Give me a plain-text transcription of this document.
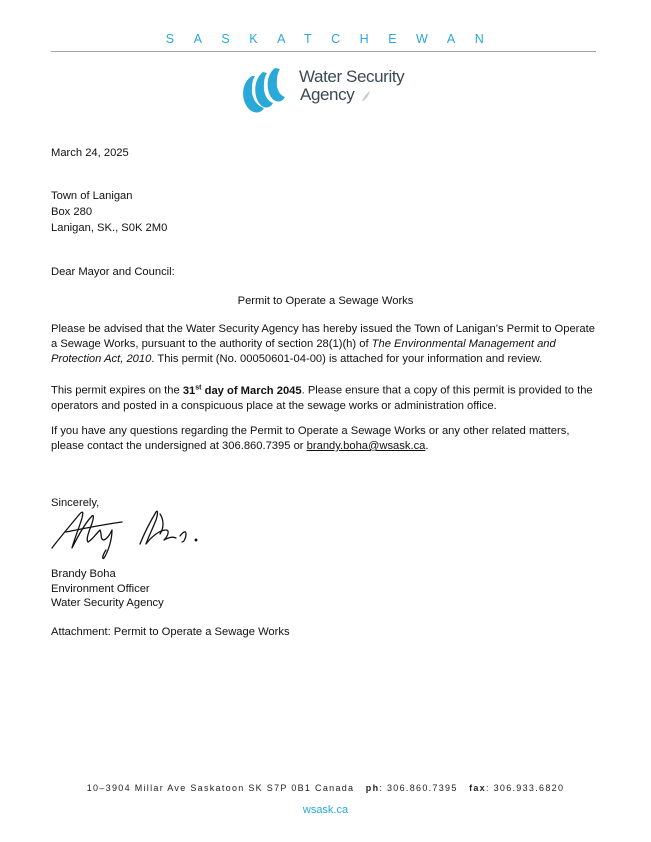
SASKATCHEWAN
Water Security
Agency
March 24, 2025
Town of Lanigan
Box 280
Lanigan, SK., S0K 2M0
Dear Mayor and Council:
Permit to Operate a Sewage Works

Please be advised that the Water Security Agency has hereby issued the Town of Lanigan’s Permit to Operate a Sewage Works, pursuant to the authority of section 28(1)(h) of The Environmental Management and Protection Act, 2010. This permit (No. 00050601-04-00) is attached for your information and review.

This permit expires on the 31st day of March 2045. Please ensure that a copy of this permit is provided to the operators and posted in a conspicuous place at the sewage works or administration office.

If you have any questions regarding the Permit to Operate a Sewage Works or any other related matters, please contact the undersigned at 306.860.7395 or brandy.boha@wsask.ca.

Sincerely,
Brandy Boha
Environment Officer
Water Security Agency
Attachment: Permit to Operate a Sewage Works
10–3904 Millar Ave Saskatoon SK S7P 0B1 Canada ph: 306.860.7395 fax: 306.933.6820
wsask.ca
